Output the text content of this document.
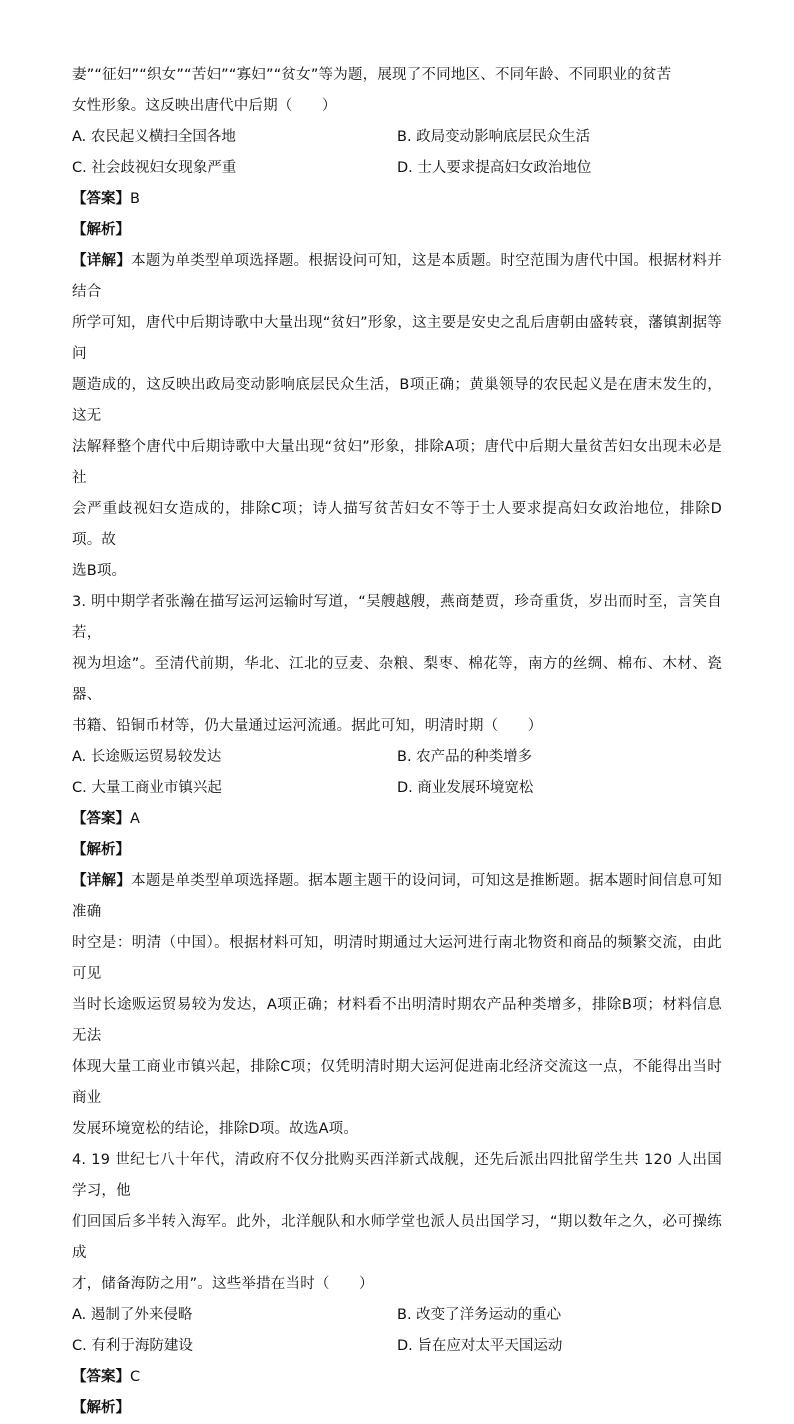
妻”“征妇”“织女”“苦妇”“寡妇”“贫女”等为题，展现了不同地区、不同年龄、不同职业的贫苦

女性形象。这反映出唐代中后期（　　）

A. 农民起义横扫全国各地	B. 政局变动影响底层民众生活
C. 社会歧视妇女现象严重	D. 士人要求提高妇女政治地位
【答案】B
【解析】

【详解】本题为单类型单项选择题。根据设问可知，这是本质题。时空范围为唐代中国。根据材料并结合

所学可知，唐代中后期诗歌中大量出现“贫妇”形象，这主要是安史之乱后唐朝由盛转衰，藩镇割据等问

题造成的，这反映出政局变动影响底层民众生活，B项正确；黄巢领导的农民起义是在唐末发生的，这无

法解释整个唐代中后期诗歌中大量出现“贫妇”形象，排除A项；唐代中后期大量贫苦妇女出现未必是社

会严重歧视妇女造成的，排除C项；诗人描写贫苦妇女不等于士人要求提高妇女政治地位，排除D项。故

选B项。

3. 明中期学者张瀚在描写运河运输时写道，“吴艘越艘，燕商楚贾，珍奇重货，岁出而时至，言笑自若，

视为坦途”。至清代前期，华北、江北的豆麦、杂粮、梨枣、棉花等，南方的丝绸、棉布、木材、瓷器、

书籍、铅铜币材等，仍大量通过运河流通。据此可知，明清时期（　　）

A. 长途贩运贸易较发达	B. 农产品的种类增多
C. 大量工商业市镇兴起	D. 商业发展环境宽松
【答案】A
【解析】

【详解】本题是单类型单项选择题。据本题主题干的设问词，可知这是推断题。据本题时间信息可知准确

时空是：明清（中国）。根据材料可知，明清时期通过大运河进行南北物资和商品的频繁交流，由此可见

当时长途贩运贸易较为发达，A项正确；材料看不出明清时期农产品种类增多，排除B项；材料信息无法

体现大量工商业市镇兴起，排除C项；仅凭明清时期大运河促进南北经济交流这一点，不能得出当时商业

发展环境宽松的结论，排除D项。故选A项。

4. 19 世纪七八十年代，清政府不仅分批购买西洋新式战舰，还先后派出四批留学生共 120 人出国学习，他

们回国后多半转入海军。此外，北洋舰队和水师学堂也派人员出国学习，“期以数年之久，必可操练成

才，储备海防之用”。这些举措在当时（　　）

A. 遏制了外来侵略	B. 改变了洋务运动的重心
C. 有利于海防建设	D. 旨在应对太平天国运动
【答案】C
【解析】
